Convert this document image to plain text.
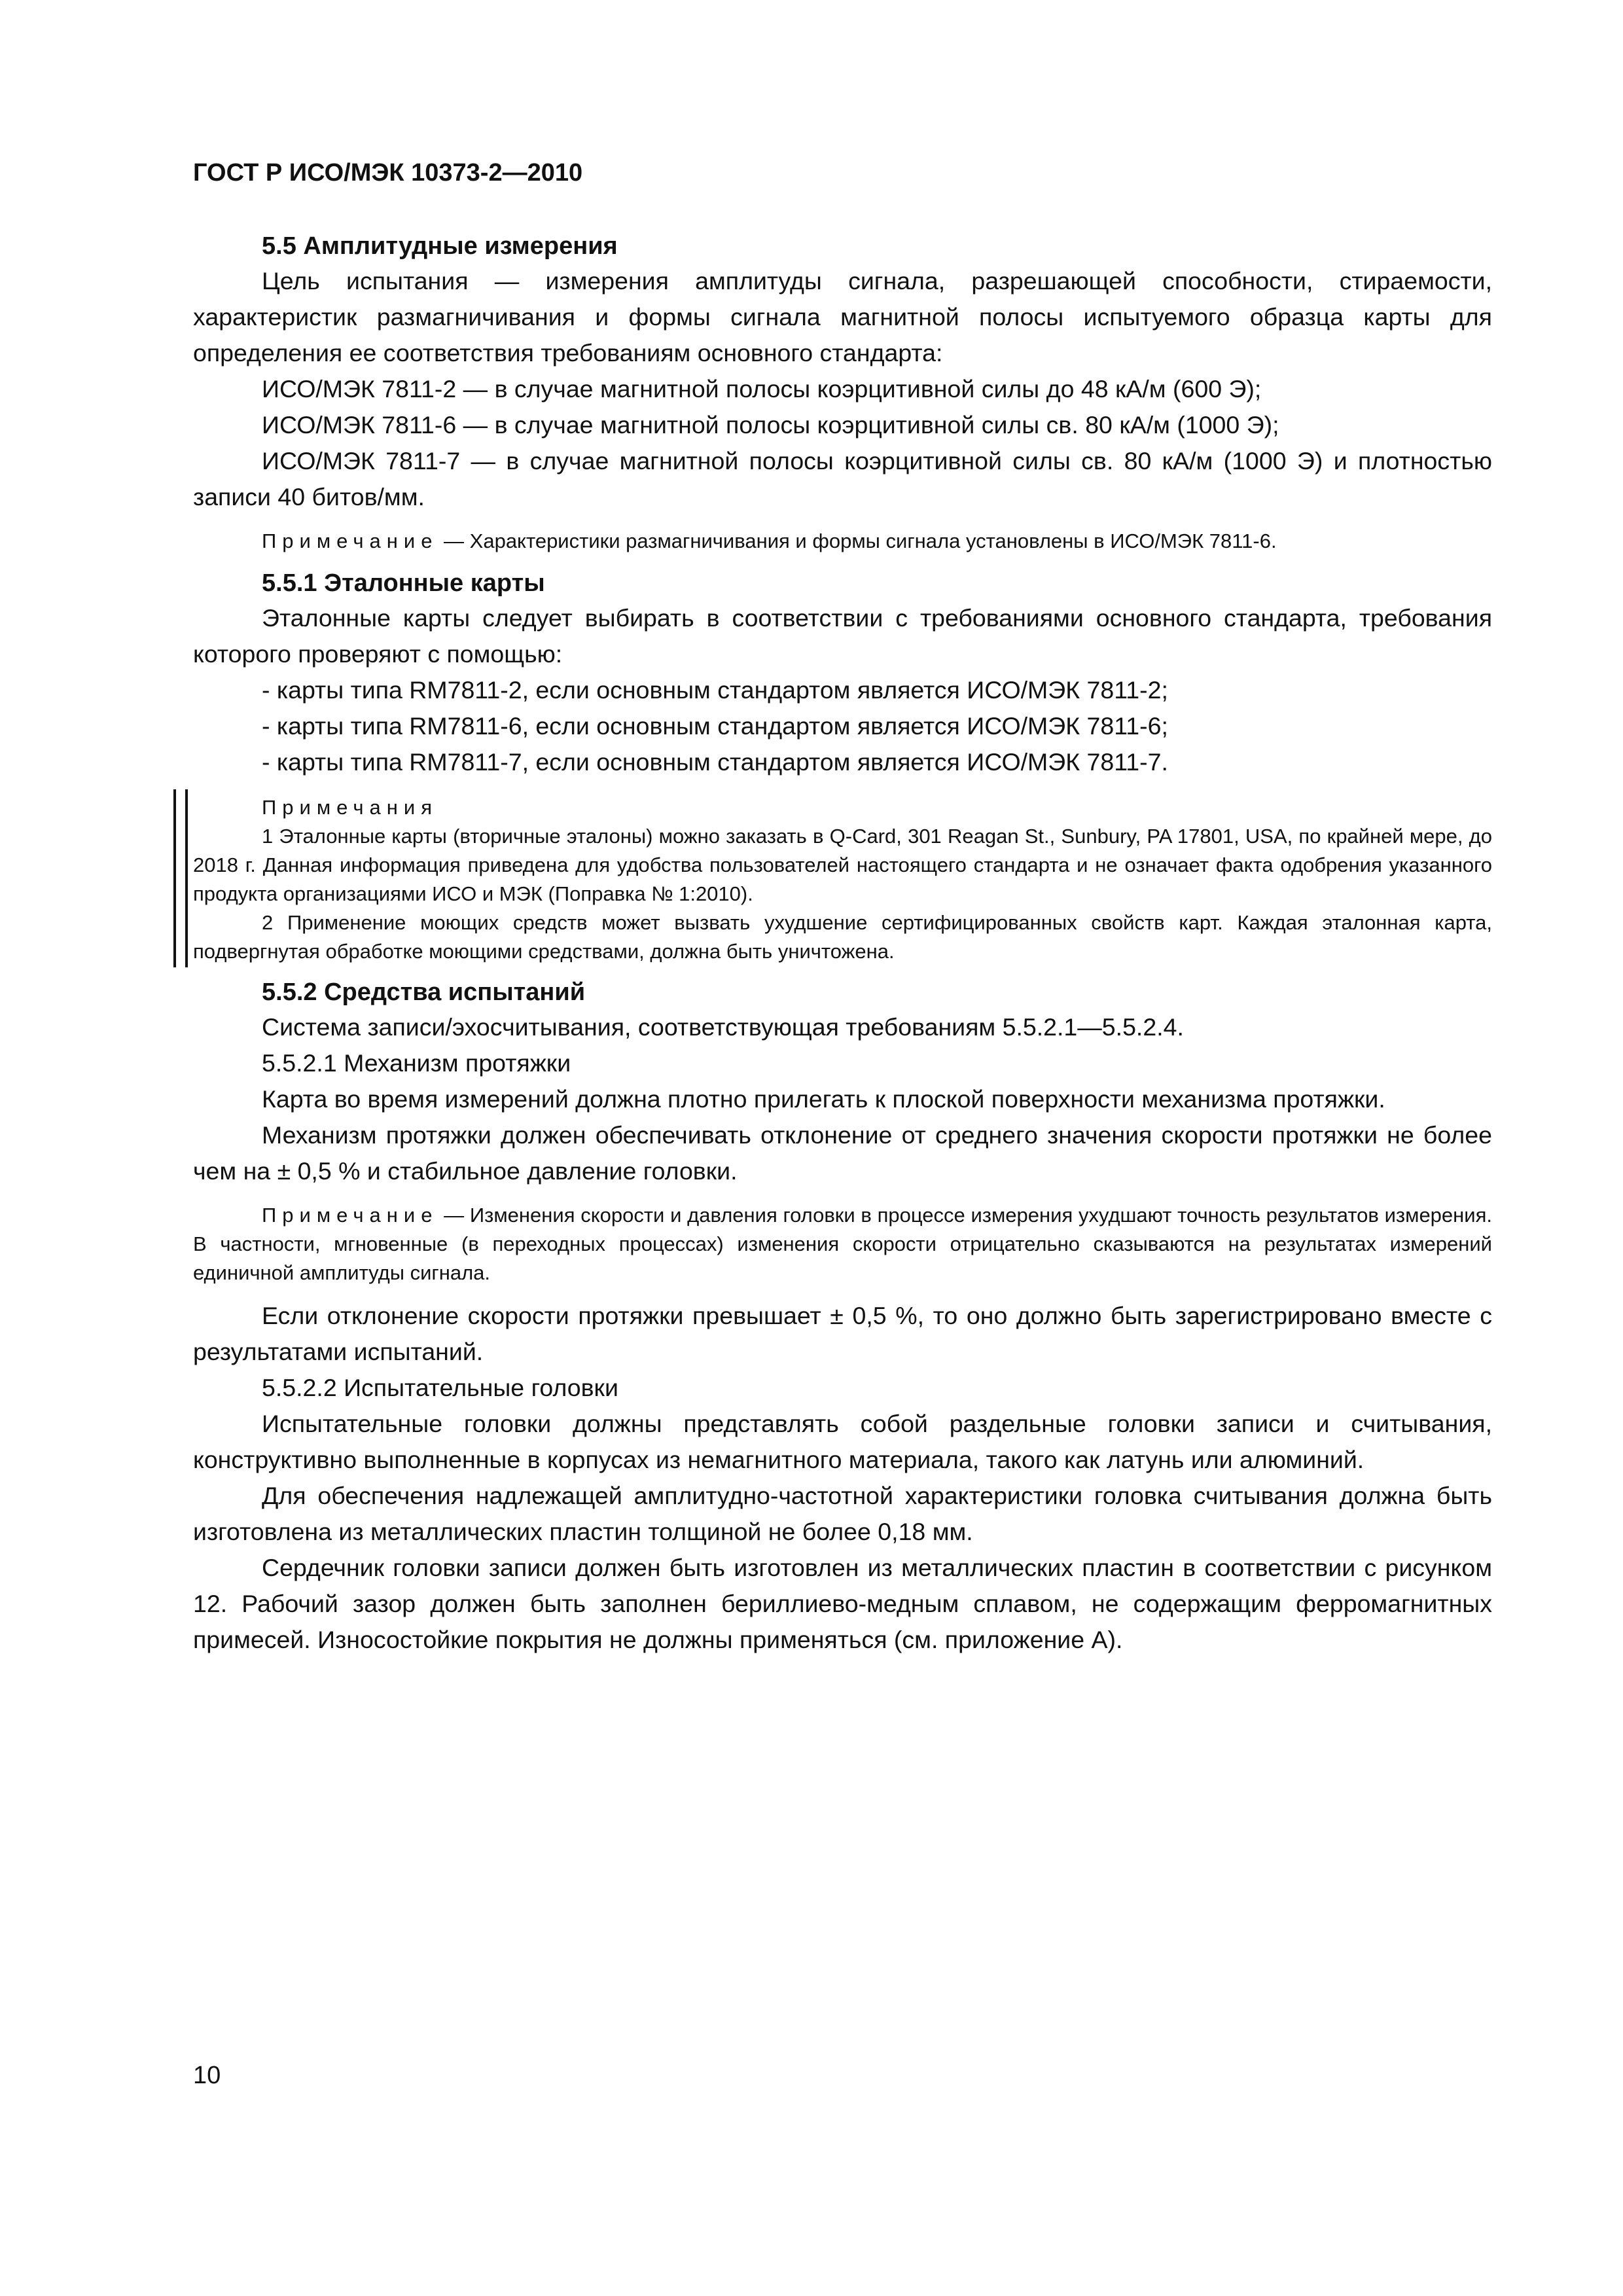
ГОСТ Р ИСО/МЭК 10373-2—2010
5.5 Амплитудные измерения

Цель испытания — измерения амплитуды сигнала, разрешающей способности, стираемости, характеристик размагничивания и формы сигнала магнитной полосы испытуемого образца карты для определения ее соответствия требованиям основного стандарта:

ИСО/МЭК 7811-2 — в случае магнитной полосы коэрцитивной силы до 48 кА/м (600 Э);

ИСО/МЭК 7811-6 — в случае магнитной полосы коэрцитивной силы св. 80 кА/м (1000 Э);

ИСО/МЭК 7811-7 — в случае магнитной полосы коэрцитивной силы св. 80 кА/м (1000 Э) и плотностью записи 40 битов/мм.

Примечание — Характеристики размагничивания и формы сигнала установлены в ИСО/МЭК 7811-6.

5.5.1 Эталонные карты

Эталонные карты следует выбирать в соответствии с требованиями основного стандарта, требования которого проверяют с помощью:

- карты типа RM7811-2, если основным стандартом является ИСО/МЭК 7811-2;

- карты типа RM7811-6, если основным стандартом является ИСО/МЭК 7811-6;

- карты типа RM7811-7, если основным стандартом является ИСО/МЭК 7811-7.

Примечания

1 Эталонные карты (вторичные эталоны) можно заказать в Q-Card, 301 Reagan St., Sunbury, PA 17801, USA, по крайней мере, до 2018 г. Данная информация приведена для удобства пользователей настоящего стандарта и не означает факта одобрения указанного продукта организациями ИСО и МЭК (Поправка № 1:2010).

2 Применение моющих средств может вызвать ухудшение сертифицированных свойств карт. Каждая эталонная карта, подвергнутая обработке моющими средствами, должна быть уничтожена.

5.5.2 Средства испытаний

Система записи/эхосчитывания, соответствующая требованиям 5.5.2.1—5.5.2.4.

5.5.2.1 Механизм протяжки

Карта во время измерений должна плотно прилегать к плоской поверхности механизма протяжки.

Механизм протяжки должен обеспечивать отклонение от среднего значения скорости протяжки не более чем на ± 0,5 % и стабильное давление головки.

Примечание — Изменения скорости и давления головки в процессе измерения ухудшают точность результатов измерения. В частности, мгновенные (в переходных процессах) изменения скорости отрицательно сказываются на результатах измерений единичной амплитуды сигнала.

Если отклонение скорости протяжки превышает ± 0,5 %, то оно должно быть зарегистрировано вместе с результатами испытаний.

5.5.2.2 Испытательные головки

Испытательные головки должны представлять собой раздельные головки записи и считывания, конструктивно выполненные в корпусах из немагнитного материала, такого как латунь или алюминий.

Для обеспечения надлежащей амплитудно-частотной характеристики головка считывания должна быть изготовлена из металлических пластин толщиной не более 0,18 мм.

Сердечник головки записи должен быть изготовлен из металлических пластин в соответствии с рисунком 12. Рабочий зазор должен быть заполнен бериллиево-медным сплавом, не содержащим ферромагнитных примесей. Износостойкие покрытия не должны применяться (см. приложение А).

10
